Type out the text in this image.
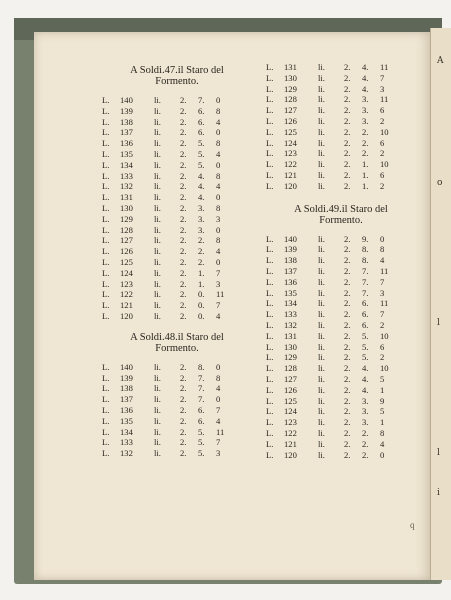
A Soldi.47.il Staro del
Formento.
L. 140 li. 2. 7. 0
L. 139 li. 2. 6. 8
L. 138 li. 2. 6. 4
L. 137 li. 2. 6. 0
L. 136 li. 2. 5. 8
L. 135 li. 2. 5. 4
L. 134 li. 2. 5. 0
L. 133 li. 2. 4. 8
L. 132 li. 2. 4. 4
L. 131 li. 2. 4. 0
L. 130 li. 2. 3. 8
L. 129 li. 2. 3. 3
L. 128 li. 2. 3. 0
L. 127 li. 2. 2. 8
L. 126 li. 2. 2. 4
L. 125 li. 2. 2. 0
L. 124 li. 2. 1. 7
L. 123 li. 2. 1. 3
L. 122 li. 2. 0. 11
L. 121 li. 2. 0. 7
L. 120 li. 2. 0. 4
A Soldi.48.il Staro del
Formento.
L. 140 li. 2. 8. 0
L. 139 li. 2. 7. 8
L. 138 li. 2. 7. 4
L. 137 li. 2. 7. 0
L. 136 li. 2. 6. 7
L. 135 li. 2. 6. 4
L. 134 li. 2. 5. 11
L. 133 li. 2. 5. 7
L. 132 li. 2. 5. 3
L. 131 li. 2. 4. 11
L. 130 li. 2. 4. 7
L. 129 li. 2. 4. 3
L. 128 li. 2. 3. 11
L. 127 li. 2. 3. 6
L. 126 li. 2. 3. 2
L. 125 li. 2. 2. 10
L. 124 li. 2. 2. 6
L. 123 li. 2. 2. 2
L. 122 li. 2. 1. 10
L. 121 li. 2. 1. 6
L. 120 li. 2. 1. 2
A Soldi.49.il Staro del
Formento.
L. 140 li. 2. 9. 0
L. 139 li. 2. 8. 8
L. 138 li. 2. 8. 4
L. 137 li. 2. 7. 11
L. 136 li. 2. 7. 7
L. 135 li. 2. 7. 3
L. 134 li. 2. 6. 11
L. 133 li. 2. 6. 7
L. 132 li. 2. 6. 2
L. 131 li. 2. 5. 10
L. 130 li. 2. 5. 6
L. 129 li. 2. 5. 2
L. 128 li. 2. 4. 10
L. 127 li. 2. 4. 5
L. 126 li. 2. 4. 1
L. 125 li. 2. 3. 9
L. 124 li. 2. 3. 5
L. 123 li. 2. 3. 1
L. 122 li. 2. 2. 8
L. 121 li. 2. 2. 4
L. 120 li. 2. 2. 0
q
A
o
l
l
i
